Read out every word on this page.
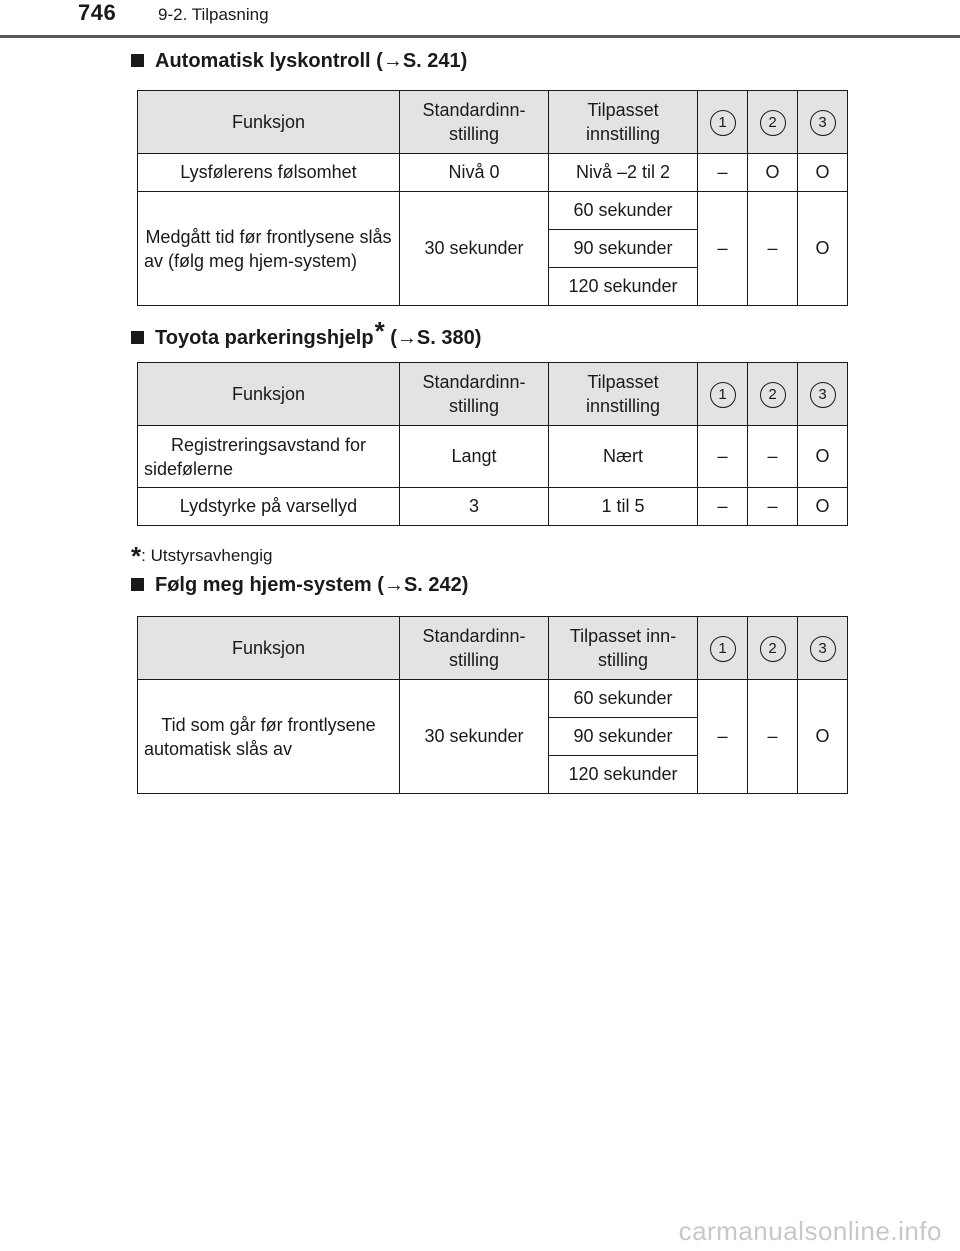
746 9-2. Tilpasning
Automatisk lyskontroll (→S. 241)
Funksjon	Standardinn-stilling	Tilpasset innstilling	1	2	3
Lysfølerens følsomhet	Nivå 0	Nivå –2 til 2	–	O	O
Medgått tid før frontlysene slås av (følg meg hjem-system)	30 sekunder	60 sekunder	–	–	O
		90 sekunder			
		120 sekunder			
Toyota parkeringshjelp* (→S. 380)
Funksjon	Standardinn-stilling	Tilpasset innstilling	1	2	3
Registreringsavstand for sidefølerne	Langt	Nært	–	–	O
Lydstyrke på varsellyd	3	1 til 5	–	–	O
*: Utstyrsavhengig
Følg meg hjem-system (→S. 242)
Funksjon	Standardinn-stilling	Tilpasset inn-stilling	1	2	3
Tid som går før frontlysene automatisk slås av	30 sekunder	60 sekunder	–	–	O
		90 sekunder			
		120 sekunder			
carmanualsonline.info
